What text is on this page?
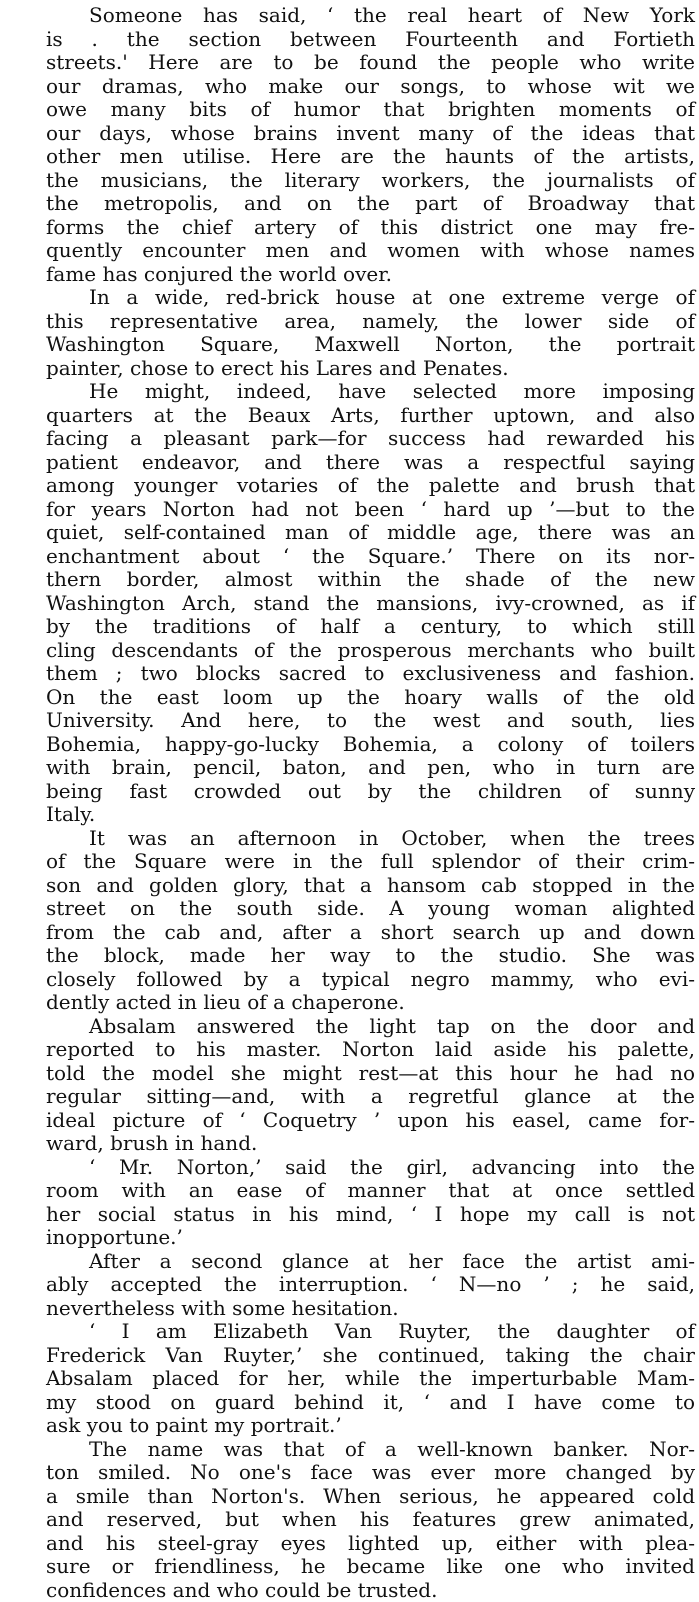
Someone has said, ‘ the real heart of New York
is . the section between Fourteenth and Fortieth
streets.' Here are to be found the people who write
our dramas, who make our songs, to whose wit we
owe many bits of humor that brighten moments of
our days, whose brains invent many of the ideas that
other men utilise. Here are the haunts of the artists,
the musicians, the literary workers, the journalists of
the metropolis, and on the part of Broadway that
forms the chief artery of this district one may fre-
quently encounter men and women with whose names
fame has conjured the world over.
In a wide, red-brick house at one extreme verge of
this representative area, namely, the lower side of
Washington Square, Maxwell Norton, the portrait
painter, chose to erect his Lares and Penates.
He might, indeed, have selected more imposing
quarters at the Beaux Arts, further uptown, and also
facing a pleasant park—for success had rewarded his
patient endeavor, and there was a respectful saying
among younger votaries of the palette and brush that
for years Norton had not been ‘ hard up ’—but to the
quiet, self-contained man of middle age, there was an
enchantment about ‘ the Square.’ There on its nor-
thern border, almost within the shade of the new
Washington Arch, stand the mansions, ivy-crowned, as if
by the traditions of half a century, to which still
cling descendants of the prosperous merchants who built
them ; two blocks sacred to exclusiveness and fashion.
On the east loom up the hoary walls of the old
University. And here, to the west and south, lies
Bohemia, happy-go-lucky Bohemia, a colony of toilers
with brain, pencil, baton, and pen, who in turn are
being fast crowded out by the children of sunny
Italy.
It was an afternoon in October, when the trees
of the Square were in the full splendor of their crim-
son and golden glory, that a hansom cab stopped in the
street on the south side. A young woman alighted
from the cab and, after a short search up and down
the block, made her way to the studio. She was
closely followed by a typical negro mammy, who evi-
dently acted in lieu of a chaperone.
Absalam answered the light tap on the door and
reported to his master. Norton laid aside his palette,
told the model she might rest—at this hour he had no
regular sitting—and, with a regretful glance at the
ideal picture of ‘ Coquetry ’ upon his easel, came for-
ward, brush in hand.
‘ Mr. Norton,’ said the girl, advancing into the
room with an ease of manner that at once settled
her social status in his mind, ‘ I hope my call is not
inopportune.’
After a second glance at her face the artist ami-
ably accepted the interruption. ‘ N—no ’ ; he said,
nevertheless with some hesitation.
‘ I am Elizabeth Van Ruyter, the daughter of
Frederick Van Ruyter,’ she continued, taking the chair
Absalam placed for her, while the imperturbable Mam-
my stood on guard behind it, ‘ and I have come to
ask you to paint my portrait.’
The name was that of a well-known banker. Nor-
ton smiled. No one's face was ever more changed by
a smile than Norton's. When serious, he appeared cold
and reserved, but when his features grew animated,
and his steel-gray eyes lighted up, either with plea-
sure or friendliness, he became like one who invited
confidences and who could be trusted.
